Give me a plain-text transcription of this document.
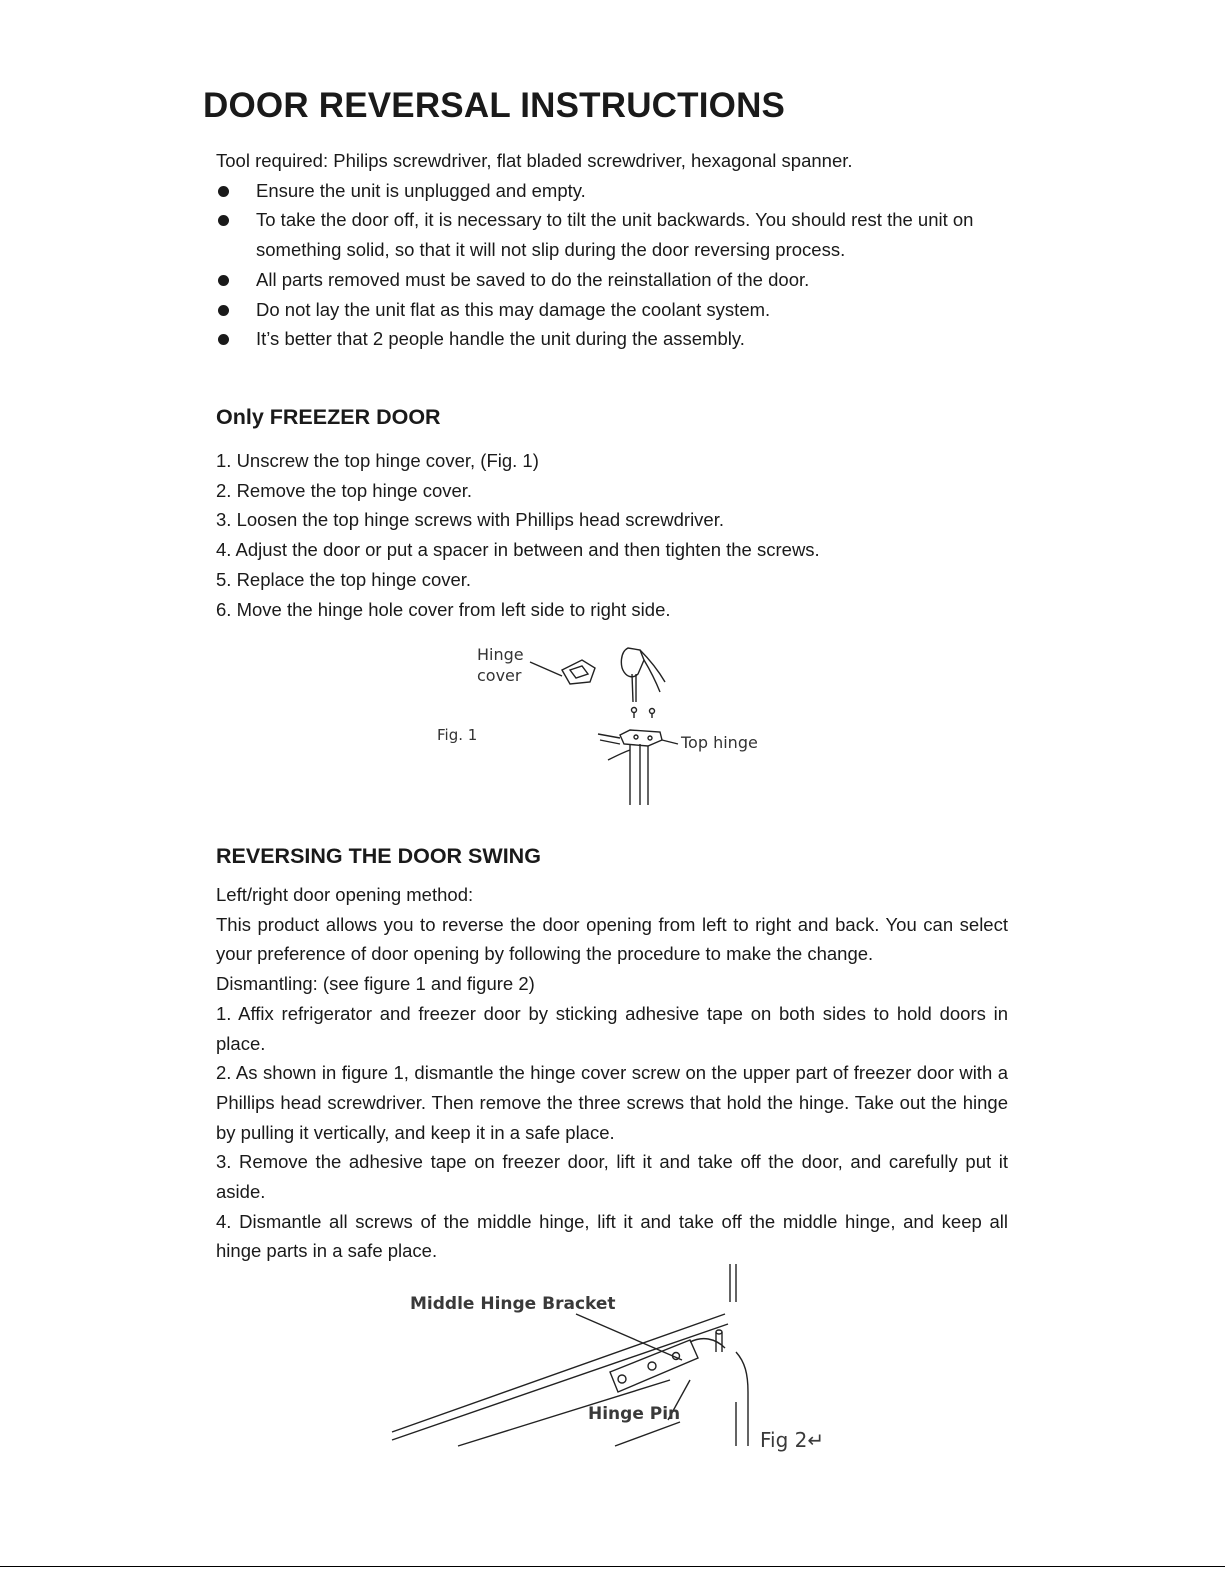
DOOR REVERSAL INSTRUCTIONS

Tool required: Philips screwdriver, flat bladed screwdriver, hexagonal spanner.

Ensure the unit is unplugged and empty.
To take the door off, it is necessary to tilt the unit backwards. You should rest the unit on something solid, so that it will not slip during the door reversing process.
All parts removed must be saved to do the reinstallation of the door.
Do not lay the unit flat as this may damage the coolant system.
It’s better that 2 people handle the unit during the assembly.
Only FREEZER DOOR
1. Unscrew the top hinge cover, (Fig. 1)
2. Remove the top hinge cover.
3. Loosen the top hinge screws with Phillips head screwdriver.
4. Adjust the door or put a spacer in between and then tighten the screws.
5. Replace the top hinge cover.
6. Move the hinge hole cover from left side to right side.
Hinge
cover
Fig. 1	Top hinge
REVERSING THE DOOR SWING

Left/right door opening method:

This product allows you to reverse the door opening from left to right and back. You can select your preference of door opening by following the procedure to make the change.

Dismantling: (see figure 1 and figure 2)

1. Affix refrigerator and freezer door by sticking adhesive tape on both sides to hold doors in place.

2. As shown in figure 1, dismantle the hinge cover screw on the upper part of freezer door with a Phillips head screwdriver. Then remove the three screws that hold the hinge. Take out the hinge by pulling it vertically, and keep it in a safe place.

3. Remove the adhesive tape on freezer door, lift it and take off the door, and carefully put it aside.

4. Dismantle all screws of the middle hinge, lift it and take off the middle hinge, and keep all hinge parts in a safe place.

Middle Hinge Bracket
Hinge Pin
Fig 2↵
